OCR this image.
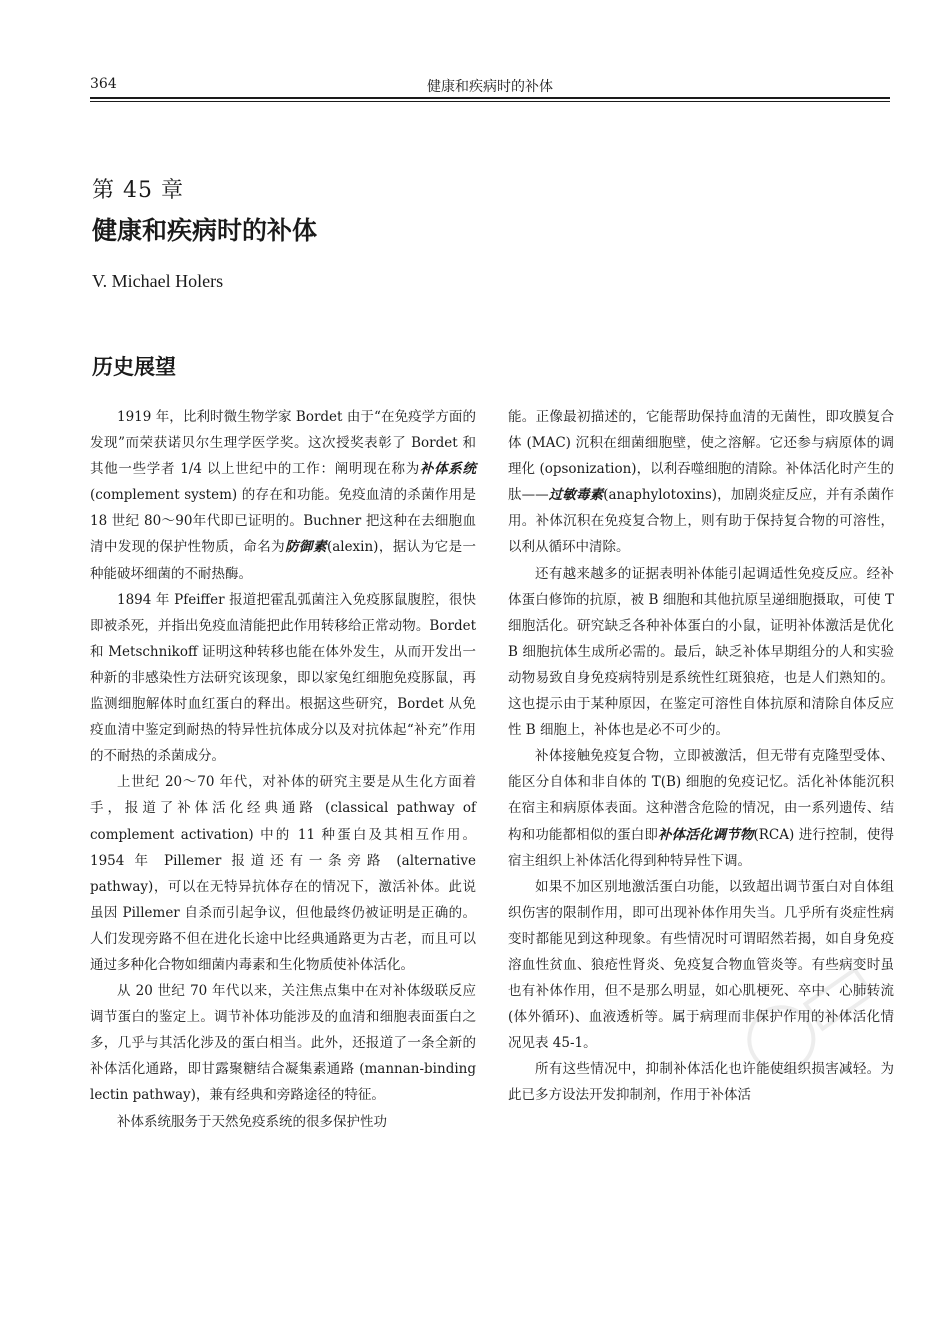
364	健康和疾病时的补体
第 45 章
健康和疾病时的补体
V. Michael Holers
历史展望

1919 年，比利时微生物学家 Bordet 由于“在免疫学方面的发现”而荣获诺贝尔生理学医学奖。这次授奖表彰了 Bordet 和其他一些学者 1/4 以上世纪中的工作：阐明现在称为补体系统(complement system) 的存在和功能。免疫血清的杀菌作用是 18 世纪 80～90年代即已证明的。Buchner 把这种在去细胞血清中发现的保护性物质，命名为防御素(alexin)，据认为它是一种能破坏细菌的不耐热酶。

1894 年 Pfeiffer 报道把霍乱弧菌注入免疫豚鼠腹腔，很快即被杀死，并指出免疫血清能把此作用转移给正常动物。Bordet 和 Metschnikoff 证明这种转移也能在体外发生，从而开发出一种新的非感染性方法研究该现象，即以家兔红细胞免疫豚鼠，再监测细胞解体时血红蛋白的释出。根据这些研究，Bordet 从免疫血清中鉴定到耐热的特异性抗体成分以及对抗体起“补充”作用的不耐热的杀菌成分。

上世纪 20～70 年代，对补体的研究主要是从生化方面着手，报道了补体活化经典通路 (classical pathway of complement activation) 中的 11 种蛋白及其相互作用。1954 年 Pillemer 报道还有一条旁路 (alternative pathway)，可以在无特异抗体存在的情况下，激活补体。此说虽因 Pillemer 自杀而引起争议，但他最终仍被证明是正确的。人们发现旁路不但在进化长途中比经典通路更为古老，而且可以通过多种化合物如细菌内毒素和生化物质使补体活化。

从 20 世纪 70 年代以来，关注焦点集中在对补体级联反应调节蛋白的鉴定上。调节补体功能涉及的血清和细胞表面蛋白之多，几乎与其活化涉及的蛋白相当。此外，还报道了一条全新的补体活化通路，即甘露聚糖结合凝集素通路 (mannan-binding lectin pathway)，兼有经典和旁路途径的特征。

补体系统服务于天然免疫系统的很多保护性功

能。正像最初描述的，它能帮助保持血清的无菌性，即攻膜复合体 (MAC) 沉积在细菌细胞壁，使之溶解。它还参与病原体的调理化 (opsonization)，以利吞噬细胞的清除。补体活化时产生的肽——过敏毒素(anaphylotoxins)，加剧炎症反应，并有杀菌作用。补体沉积在免疫复合物上，则有助于保持复合物的可溶性，以利从循环中清除。

还有越来越多的证据表明补体能引起调适性免疫反应。经补体蛋白修饰的抗原，被 B 细胞和其他抗原呈递细胞摄取，可使 T 细胞活化。研究缺乏各种补体蛋白的小鼠，证明补体激活是优化 B 细胞抗体生成所必需的。最后，缺乏补体早期组分的人和实验动物易致自身免疫病特别是系统性红斑狼疮，也是人们熟知的。这也提示由于某种原因，在鉴定可溶性自体抗原和清除自体反应性 B 细胞上，补体也是必不可少的。

补体接触免疫复合物，立即被激活，但无带有克隆型受体、能区分自体和非自体的 T(B) 细胞的免疫记忆。活化补体能沉积在宿主和病原体表面。这种潜含危险的情况，由一系列遗传、结构和功能都相似的蛋白即补体活化调节物(RCA) 进行控制，使得宿主组织上补体活化得到种特异性下调。

如果不加区别地激活蛋白功能，以致超出调节蛋白对自体组织伤害的限制作用，即可出现补体作用失当。几乎所有炎症性病变时都能见到这种现象。有些情况时可谓昭然若揭，如自身免疫溶血性贫血、狼疮性肾炎、免疫复合物血管炎等。有些病变时虽也有补体作用，但不是那么明显，如心肌梗死、卒中、心肺转流 (体外循环)、血液透析等。属于病理而非保护作用的补体活化情况见表 45-1。

所有这些情况中，抑制补体活化也许能使组织损害减轻。为此已多方设法开发抑制剂，作用于补体活
